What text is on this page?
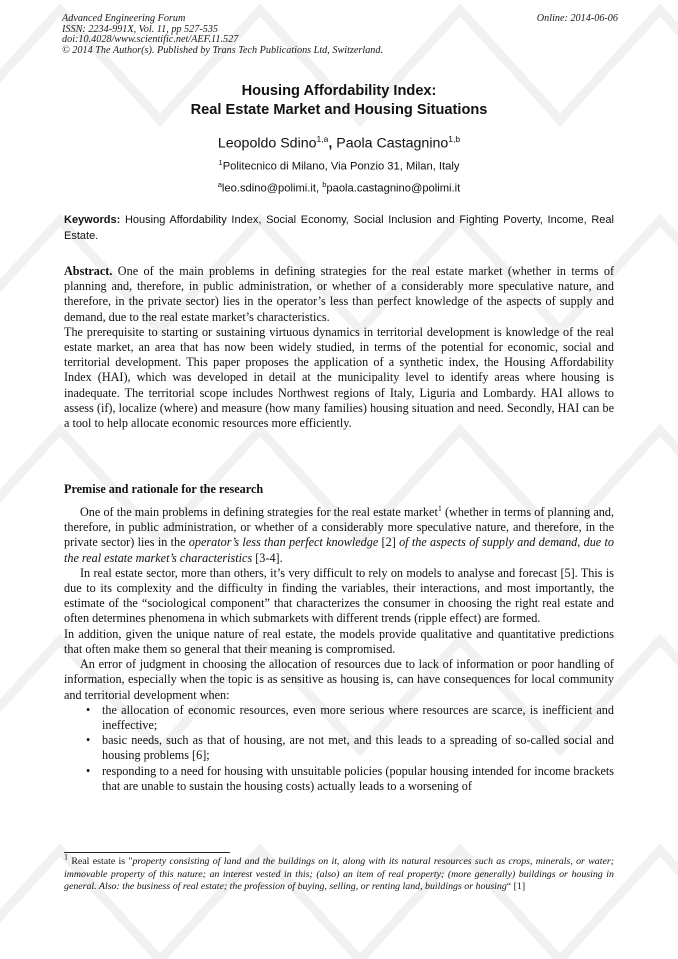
Advanced Engineering Forum
ISSN: 2234-991X, Vol. 11, pp 527-535
doi:10.4028/www.scientific.net/AEF.11.527
© 2014 The Author(s). Published by Trans Tech Publications Ltd, Switzerland.
Online: 2014-06-06
Housing Affordability Index:
Real Estate Market and Housing Situations
Leopoldo Sdino$^{1,a}$, Paola Castagnino$^{1,b}$
$^1$Politecnico di Milano, Via Ponzio 31, Milan, Italy
$^a$leo.sdino@polimi.it, $^b$paola.castagnino@polimi.it
Keywords: Housing Affordability Index, Social Economy, Social Inclusion and Fighting Poverty, Income, Real Estate.

Abstract. One of the main problems in defining strategies for the real estate market (whether in terms of planning and, therefore, in public administration, or whether of a considerably more speculative nature, and therefore, in the private sector) lies in the operator’s less than perfect knowledge of the aspects of supply and demand, due to the real estate market’s characteristics.

The prerequisite to starting or sustaining virtuous dynamics in territorial development is knowledge of the real estate market, an area that has now been widely studied, in terms of the potential for economic, social and territorial development. This paper proposes the application of a synthetic index, the Housing Affordability Index (HAI), which was developed in detail at the municipality level to identify areas where housing is inadequate. The territorial scope includes Northwest regions of Italy, Liguria and Lombardy. HAI allows to assess (if), localize (where) and measure (how many families) housing situation and need. Secondly, HAI can be a tool to help allocate economic resources more efficiently.

Premise and rationale for the research

One of the main problems in defining strategies for the real estate market$^1$ (whether in terms of planning and, therefore, in public administration, or whether of a considerably more speculative nature, and therefore, in the private sector) lies in the operator’s less than perfect knowledge [2] of the aspects of supply and demand, due to the real estate market’s characteristics [3-4].

In real estate sector, more than others, it’s very difficult to rely on models to analyse and forecast [5]. This is due to its complexity and the difficulty in finding the variables, their interactions, and most importantly, the estimate of the “sociological component” that characterizes the consumer in choosing the right real estate and often determines phenomena in which submarkets with different trends (ripple effect) are formed.

In addition, given the unique nature of real estate, the models provide qualitative and quantitative predictions that often make them so general that their meaning is compromised.

An error of judgment in choosing the allocation of resources due to lack of information or poor handling of information, especially when the topic is as sensitive as housing is, can have consequences for local community and territorial development when:

• the allocation of economic resources, even more serious where resources are scarce, is inefficient and ineffective;
• basic needs, such as that of housing, are not met, and this leads to a spreading of so-called social and housing problems [6];
• responding to a need for housing with unsuitable policies (popular housing intended for income brackets that are unable to sustain the housing costs) actually leads to a worsening of
$^1$ Real estate is "property consisting of land and the buildings on it, along with its natural resources such as crops, minerals, or water; immovable property of this nature; an interest vested in this; (also) an item of real property; (more generally) buildings or housing in general. Also: the business of real estate; the profession of buying, selling, or renting land, buildings or housing“ [1]
